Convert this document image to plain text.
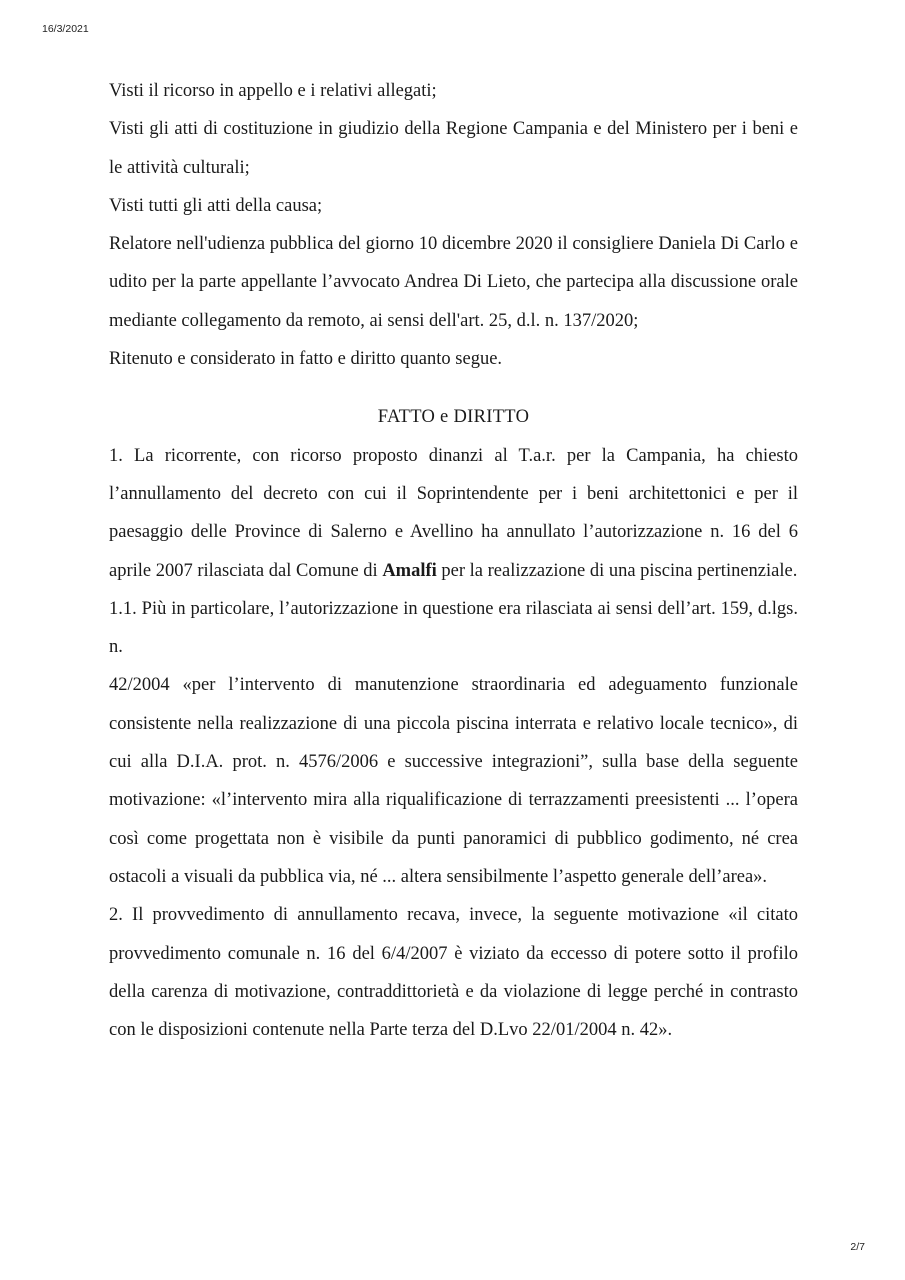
16/3/2021

Visti il ricorso in appello e i relativi allegati;

Visti gli atti di costituzione in giudizio della Regione Campania e del Ministero per i beni e le attività culturali;

Visti tutti gli atti della causa;

Relatore nell'udienza pubblica del giorno 10 dicembre 2020 il consigliere Daniela Di Carlo e udito per la parte appellante l’avvocato Andrea Di Lieto, che partecipa alla discussione orale mediante collegamento da remoto, ai sensi dell'art. 25, d.l. n. 137/2020;

Ritenuto e considerato in fatto e diritto quanto segue.

FATTO e DIRITTO

1. La ricorrente, con ricorso proposto dinanzi al T.a.r. per la Campania, ha chiesto l’annullamento del decreto con cui il Soprintendente per i beni architettonici e per il paesaggio delle Province di Salerno e Avellino ha annullato l’autorizzazione n. 16 del 6 aprile 2007 rilasciata dal Comune di Amalfi per la realizzazione di una piscina pertinenziale.

1.1. Più in particolare, l’autorizzazione in questione era rilasciata ai sensi dell’art. 159, d.lgs. n.

42/2004 «per l’intervento di manutenzione straordinaria ed adeguamento funzionale consistente nella realizzazione di una piccola piscina interrata e relativo locale tecnico», di cui alla D.I.A. prot. n. 4576/2006 e successive integrazioni”, sulla base della seguente motivazione: «l’intervento mira alla riqualificazione di terrazzamenti preesistenti ... l’opera così come progettata non è visibile da punti panoramici di pubblico godimento, né crea ostacoli a visuali da pubblica via, né ... altera sensibilmente l’aspetto generale dell’area».

2. Il provvedimento di annullamento recava, invece, la seguente motivazione «il citato provvedimento comunale n. 16 del 6/4/2007 è viziato da eccesso di potere sotto il profilo della carenza di motivazione, contraddittorietà e da violazione di legge perché in contrasto con le disposizioni contenute nella Parte terza del D.Lvo 22/01/2004 n. 42».

2/7
